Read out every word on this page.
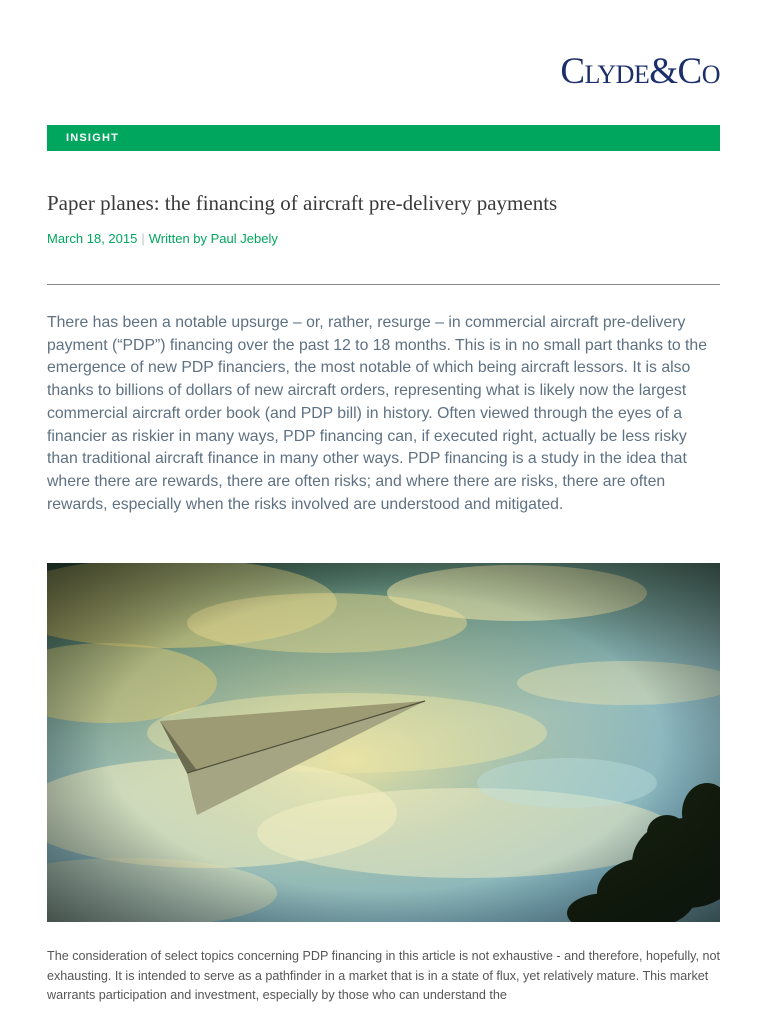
Clyde&Co
INSIGHT
Paper planes: the financing of aircraft pre-delivery payments
March 18, 2015 | Written by Paul Jebely

There has been a notable upsurge – or, rather, resurge – in commercial aircraft pre-delivery payment (“PDP”) financing over the past 12 to 18 months. This is in no small part thanks to the emergence of new PDP financiers, the most notable of which being aircraft lessors. It is also thanks to billions of dollars of new aircraft orders, representing what is likely now the largest commercial aircraft order book (and PDP bill) in history. Often viewed through the eyes of a financier as riskier in many ways, PDP financing can, if executed right, actually be less risky than traditional aircraft finance in many other ways. PDP financing is a study in the idea that where there are rewards, there are often risks; and where there are risks, there are often rewards, especially when the risks involved are understood and mitigated.

The consideration of select topics concerning PDP financing in this article is not exhaustive - and therefore, hopefully, not exhausting. It is intended to serve as a pathfinder in a market that is in a state of flux, yet relatively mature. This market warrants participation and investment, especially by those who can understand the
